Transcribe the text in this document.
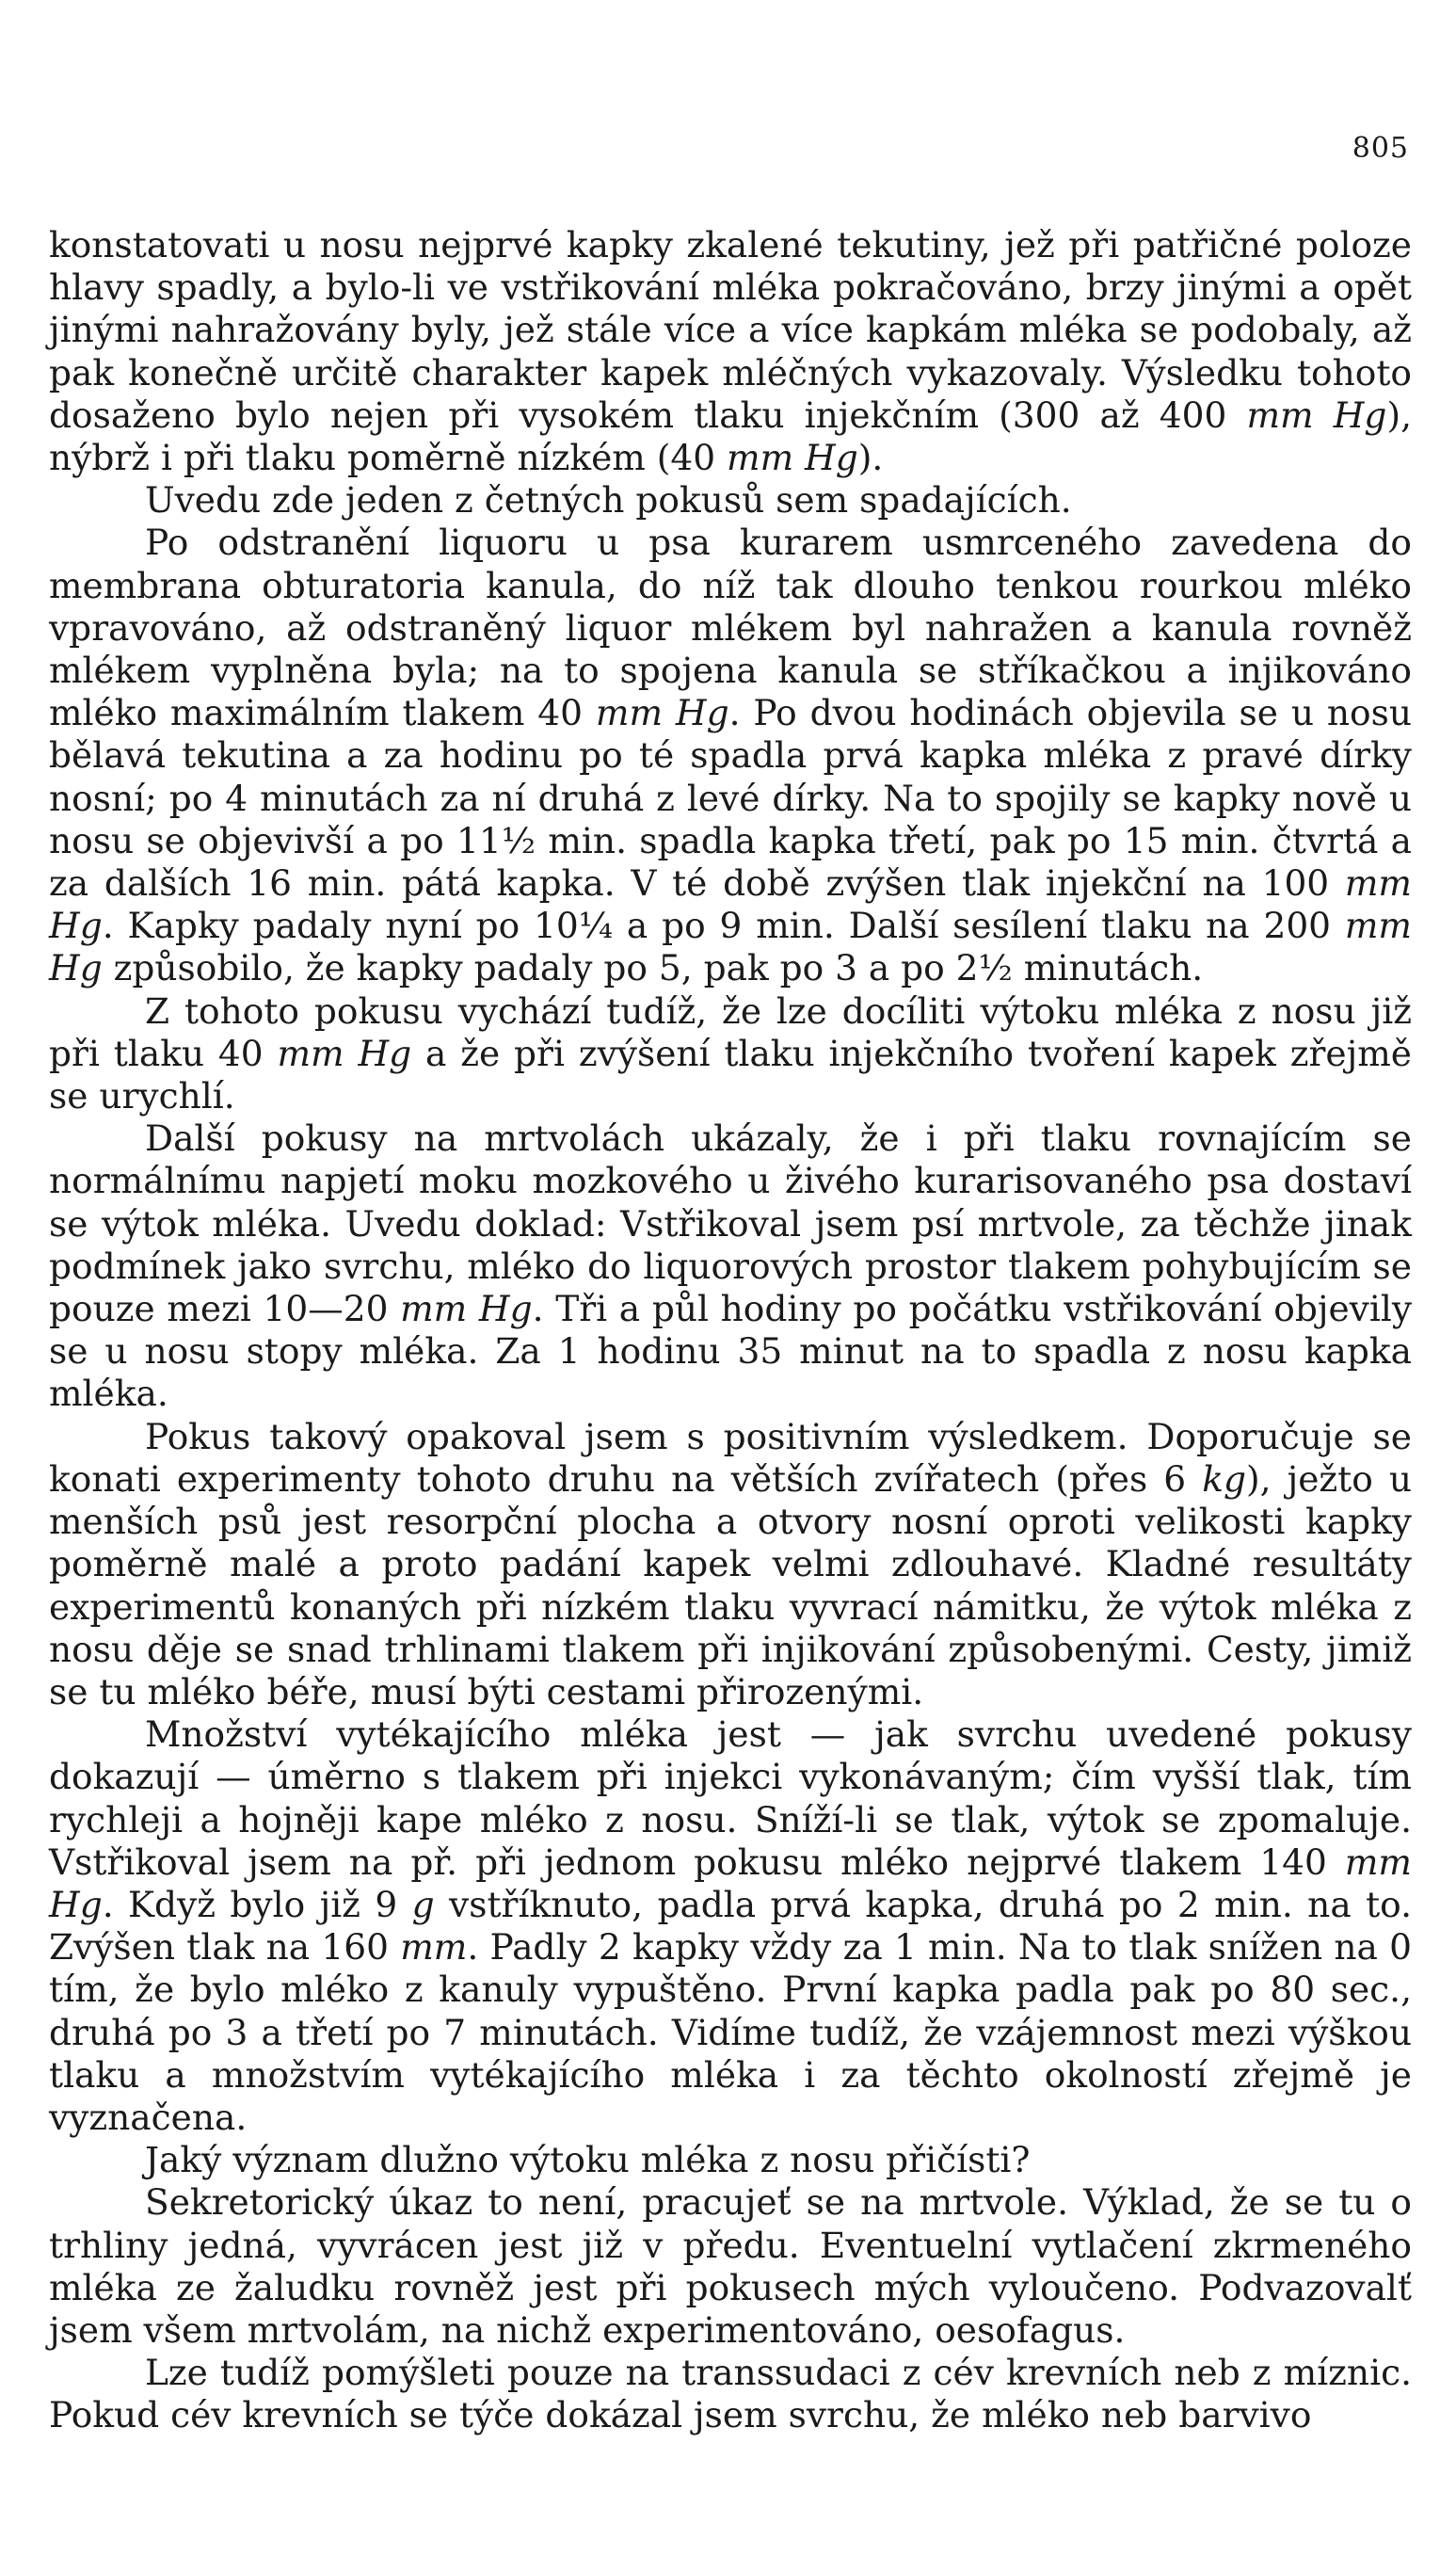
805

konstatovati u nosu nejprvé kapky zkalené tekutiny, jež při patřičné poloze hlavy spadly, a bylo-li ve vstřikování mléka pokračováno, brzy jinými a opět jinými nahražovány byly, jež stále více a více kapkám mléka se podobaly, až pak konečně určitě charakter kapek mléčných vykazovaly. Výsledku tohoto dosaženo bylo nejen při vysokém tlaku injekčním (300 až 400 mm Hg), nýbrž i při tlaku poměrně nízkém (40 mm Hg).

Uvedu zde jeden z četných pokusů sem spadajících.

Po odstranění liquoru u psa kurarem usmrceného zavedena do membrana obturatoria kanula, do níž tak dlouho tenkou rourkou mléko vpravováno, až odstraněný liquor mlékem byl nahražen a kanula rovněž mlékem vyplněna byla; na to spojena kanula se stříkačkou a injikováno mléko maximálním tlakem 40 mm Hg. Po dvou hodinách objevila se u nosu bělavá tekutina a za hodinu po té spadla prvá kapka mléka z pravé dírky nosní; po 4 minutách za ní druhá z levé dírky. Na to spojily se kapky nově u nosu se objevivší a po 11½ min. spadla kapka třetí, pak po 15 min. čtvrtá a za dalších 16 min. pátá kapka. V té době zvýšen tlak injekční na 100 mm Hg. Kapky padaly nyní po 10¼ a po 9 min. Další sesílení tlaku na 200 mm Hg způsobilo, že kapky padaly po 5, pak po 3 a po 2½ minutách.

Z tohoto pokusu vychází tudíž, že lze docíliti výtoku mléka z nosu již při tlaku 40 mm Hg a že při zvýšení tlaku injekčního tvoření kapek zřejmě se urychlí.

Další pokusy na mrtvolách ukázaly, že i při tlaku rovnajícím se normálnímu napjetí moku mozkového u živého kurarisovaného psa dostaví se výtok mléka. Uvedu doklad: Vstřikoval jsem psí mrtvole, za těchže jinak podmínek jako svrchu, mléko do liquorových prostor tlakem pohybujícím se pouze mezi 10—20 mm Hg. Tři a půl hodiny po počátku vstřikování objevily se u nosu stopy mléka. Za 1 hodinu 35 minut na to spadla z nosu kapka mléka.

Pokus takový opakoval jsem s positivním výsledkem. Doporučuje se konati experimenty tohoto druhu na větších zvířatech (přes 6 kg), ježto u menších psů jest resorpční plocha a otvory nosní oproti velikosti kapky poměrně malé a proto padání kapek velmi zdlouhavé. Kladné resultáty experimentů konaných při nízkém tlaku vyvrací námitku, že výtok mléka z nosu děje se snad trhlinami tlakem při injikování způsobenými. Cesty, jimiž se tu mléko béře, musí býti cestami přirozenými.

Množství vytékajícího mléka jest — jak svrchu uvedené pokusy dokazují — úměrno s tlakem při injekci vykonávaným; čím vyšší tlak, tím rychleji a hojněji kape mléko z nosu. Sníží-li se tlak, výtok se zpomaluje. Vstřikoval jsem na př. při jednom pokusu mléko nejprvé tlakem 140 mm Hg. Když bylo již 9 g vstříknuto, padla prvá kapka, druhá po 2 min. na to. Zvýšen tlak na 160 mm. Padly 2 kapky vždy za 1 min. Na to tlak snížen na 0 tím, že bylo mléko z kanuly vypuštěno. První kapka padla pak po 80 sec., druhá po 3 a třetí po 7 minutách. Vidíme tudíž, že vzájemnost mezi výškou tlaku a množstvím vytékajícího mléka i za těchto okolností zřejmě je vyznačena.

Jaký význam dlužno výtoku mléka z nosu přičísti?

Sekretorický úkaz to není, pracujeť se na mrtvole. Výklad, že se tu o trhliny jedná, vyvrácen jest již v předu. Eventuelní vytlačení zkrmeného mléka ze žaludku rovněž jest při pokusech mých vyloučeno. Podvazovalť jsem všem mrtvolám, na nichž experimentováno, oesofagus.

Lze tudíž pomýšleti pouze na transsudaci z cév krevních neb z míznic. Pokud cév krevních se týče dokázal jsem svrchu, že mléko neb barvivo
